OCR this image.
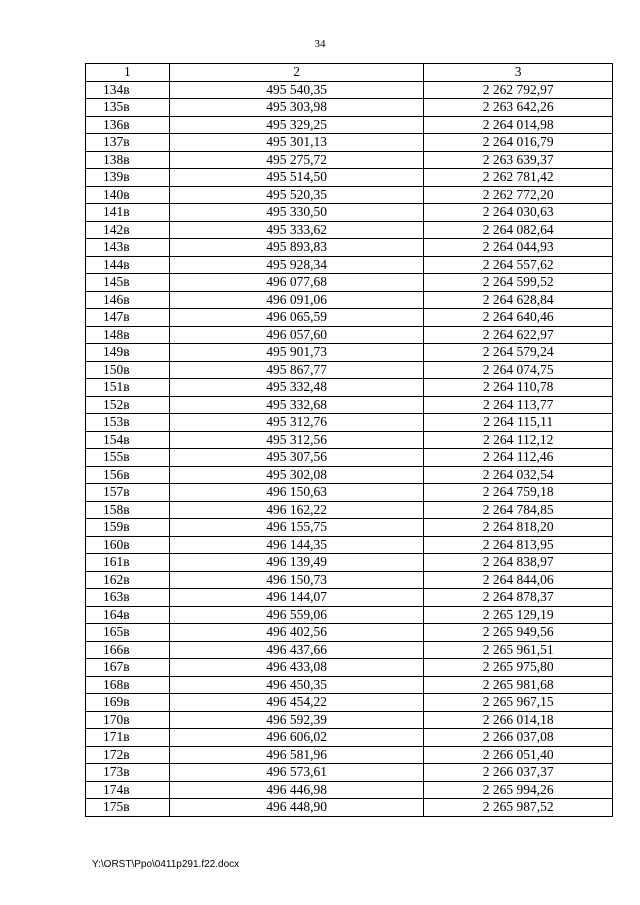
34
1	2	3
134в	495 540,35	2 262 792,97
135в	495 303,98	2 263 642,26
136в	495 329,25	2 264 014,98
137в	495 301,13	2 264 016,79
138в	495 275,72	2 263 639,37
139в	495 514,50	2 262 781,42
140в	495 520,35	2 262 772,20
141в	495 330,50	2 264 030,63
142в	495 333,62	2 264 082,64
143в	495 893,83	2 264 044,93
144в	495 928,34	2 264 557,62
145в	496 077,68	2 264 599,52
146в	496 091,06	2 264 628,84
147в	496 065,59	2 264 640,46
148в	496 057,60	2 264 622,97
149в	495 901,73	2 264 579,24
150в	495 867,77	2 264 074,75
151в	495 332,48	2 264 110,78
152в	495 332,68	2 264 113,77
153в	495 312,76	2 264 115,11
154в	495 312,56	2 264 112,12
155в	495 307,56	2 264 112,46
156в	495 302,08	2 264 032,54
157в	496 150,63	2 264 759,18
158в	496 162,22	2 264 784,85
159в	496 155,75	2 264 818,20
160в	496 144,35	2 264 813,95
161в	496 139,49	2 264 838,97
162в	496 150,73	2 264 844,06
163в	496 144,07	2 264 878,37
164в	496 559,06	2 265 129,19
165в	496 402,56	2 265 949,56
166в	496 437,66	2 265 961,51
167в	496 433,08	2 265 975,80
168в	496 450,35	2 265 981,68
169в	496 454,22	2 265 967,15
170в	496 592,39	2 266 014,18
171в	496 606,02	2 266 037,08
172в	496 581,96	2 266 051,40
173в	496 573,61	2 266 037,37
174в	496 446,98	2 265 994,26
175в	496 448,90	2 265 987,52
Y:\ORST\Ppo\0411p291.f22.docx
